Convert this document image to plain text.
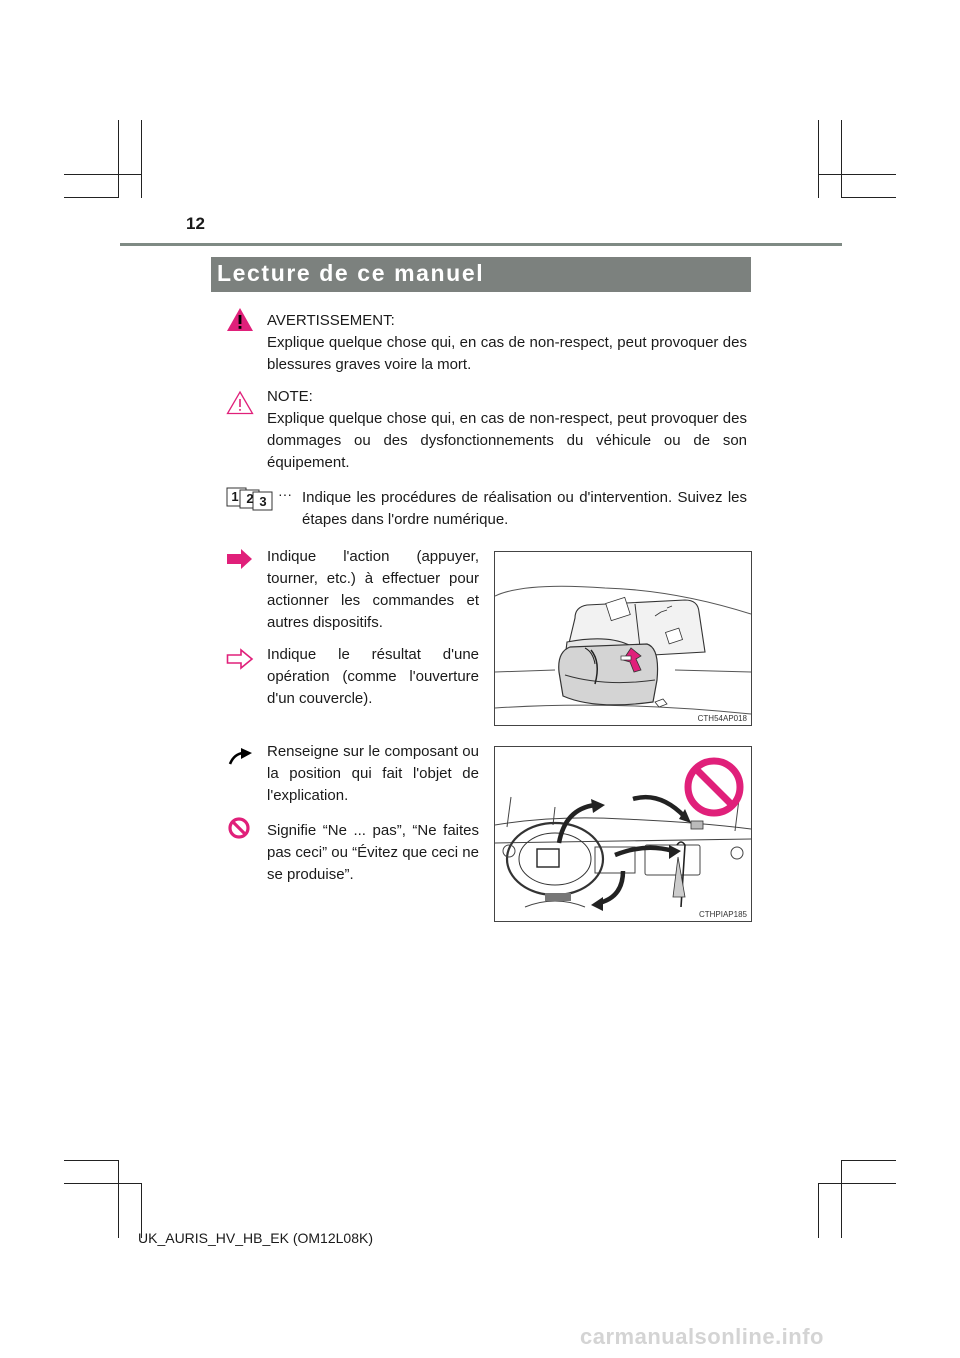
12
Lecture de ce manuel
AVERTISSEMENT:
Explique quelque chose qui, en cas de non-respect, peut provoquer des blessures graves voire la mort.
NOTE:
Explique quelque chose qui, en cas de non-respect, peut provoquer des dommages ou des dysfonctionnements du véhicule ou de son équipement.
1 2 3 ··· Indique les procédures de réalisation ou d'intervention. Suivez les étapes dans l'ordre numérique.
Indique l'action (appuyer, tourner, etc.) à effectuer pour actionner les commandes et autres dispositifs.
Indique le résultat d'une opération (comme l'ouverture d'un couvercle).
CTH54AP018
Renseigne sur le composant ou la position qui fait l'objet de l'explication.
Signifie “Ne ... pas”, “Ne faites pas ceci” ou “Évitez que ceci ne se produise”.
CTHPIAP185
UK_AURIS_HV_HB_EK (OM12L08K)
carmanualsonline.info
